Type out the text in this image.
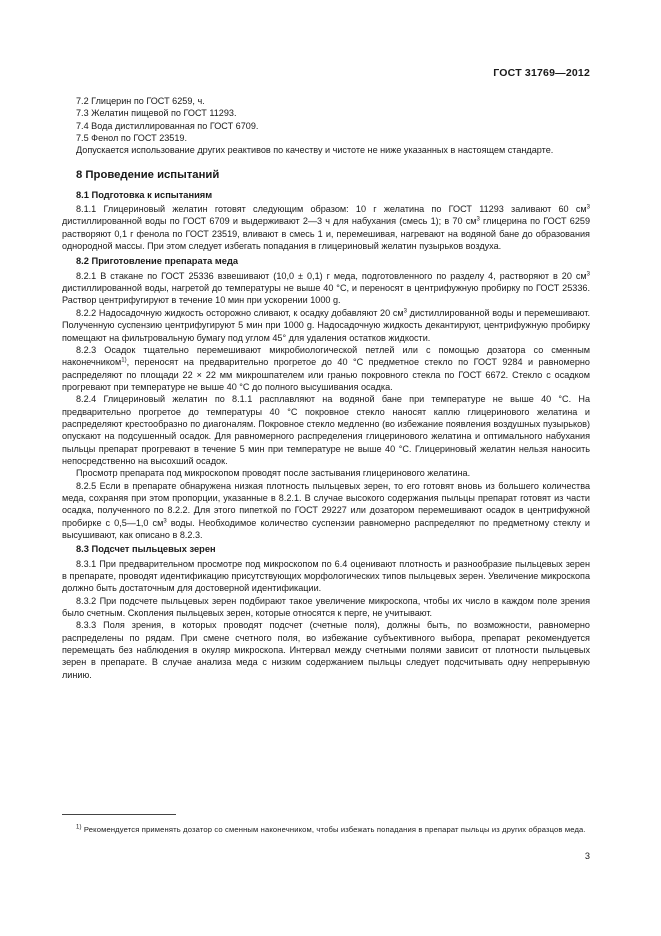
ГОСТ 31769—2012

7.2 Глицерин по ГОСТ 6259, ч.

7.3 Желатин пищевой по ГОСТ 11293.

7.4 Вода дистиллированная по ГОСТ 6709.

7.5 Фенол по ГОСТ 23519.

Допускается использование других реактивов по качеству и чистоте не ниже указанных в настоящем стандарте.

8 Проведение испытаний

8.1 Подготовка к испытаниям

8.1.1 Глицериновый желатин готовят следующим образом: 10 г желатина по ГОСТ 11293 заливают 60 $см^3$ дистиллированной воды по ГОСТ 6709 и выдерживают 2—3 ч для набухания (смесь 1); в 70 $см^3$ глицерина по ГОСТ 6259 растворяют 0,1 г фенола по ГОСТ 23519, вливают в смесь 1 и, перемешивая, нагревают на водяной бане до образования однородной массы. При этом следует избегать попадания в глицериновый желатин пузырьков воздуха.

8.2 Приготовление препарата меда

8.2.1 В стакане по ГОСТ 25336 взвешивают (10,0 ± 0,1) г меда, подготовленного по разделу 4, растворяют в 20 $см^3$ дистиллированной воды, нагретой до температуры не выше 40 °С, и переносят в центрифужную пробирку по ГОСТ 25336. Раствор центрифугируют в течение 10 мин при ускорении 1000 g.

8.2.2 Надосадочную жидкость осторожно сливают, к осадку добавляют 20 $см^3$ дистиллированной воды и перемешивают. Полученную суспензию центрифугируют 5 мин при 1000 g. Надосадочную жидкость декантируют, центрифужную пробирку помещают на фильтровальную бумагу под углом 45° для удаления остатков жидкости.

8.2.3 Осадок тщательно перемешивают микробиологической петлей или с помощью дозатора со сменным наконечником$^{1)}$, переносят на предварительно прогретое до 40 °С предметное стекло по ГОСТ 9284 и равномерно распределяют по площади 22 × 22 мм микрошпателем или гранью покровного стекла по ГОСТ 6672. Стекло с осадком прогревают при температуре не выше 40 °С до полного высушивания осадка.

8.2.4 Глицериновый желатин по 8.1.1 расплавляют на водяной бане при температуре не выше 40 °С. На предварительно прогретое до температуры 40 °С покровное стекло наносят каплю глицеринового желатина и распределяют крестообразно по диагоналям. Покровное стекло медленно (во избежание появления воздушных пузырьков) опускают на подсушенный осадок. Для равномерного распределения глицеринового желатина и оптимального набухания пыльцы препарат прогревают в течение 5 мин при температуре не выше 40 °С. Глицериновый желатин нельзя наносить непосредственно на высохший осадок.

Просмотр препарата под микроскопом проводят после застывания глицеринового желатина.

8.2.5 Если в препарате обнаружена низкая плотность пыльцевых зерен, то его готовят вновь из большего количества меда, сохраняя при этом пропорции, указанные в 8.2.1. В случае высокого содержания пыльцы препарат готовят из части осадка, полученного по 8.2.2. Для этого пипеткой по ГОСТ 29227 или дозатором перемешивают осадок в центрифужной пробирке с 0,5—1,0 $см^3$ воды. Необходимое количество суспензии равномерно распределяют по предметному стеклу и высушивают, как описано в 8.2.3.

8.3 Подсчет пыльцевых зерен

8.3.1 При предварительном просмотре под микроскопом по 6.4 оценивают плотность и разнообразие пыльцевых зерен в препарате, проводят идентификацию присутствующих морфологических типов пыльцевых зерен. Увеличение микроскопа должно быть достаточным для достоверной идентификации.

8.3.2 При подсчете пыльцевых зерен подбирают такое увеличение микроскопа, чтобы их число в каждом поле зрения было счетным. Скопления пыльцевых зерен, которые относятся к перге, не учитывают.

8.3.3 Поля зрения, в которых проводят подсчет (счетные поля), должны быть, по возможности, равномерно распределены по рядам. При смене счетного поля, во избежание субъективного выбора, препарат рекомендуется перемещать без наблюдения в окуляр микроскопа. Интервал между счетными полями зависит от плотности пыльцевых зерен в препарате. В случае анализа меда с низким содержанием пыльцы следует подсчитывать одну непрерывную линию.

$^{1)}$ Рекомендуется применять дозатор со сменным наконечником, чтобы избежать попадания в препарат пыльцы из других образцов меда.

3
